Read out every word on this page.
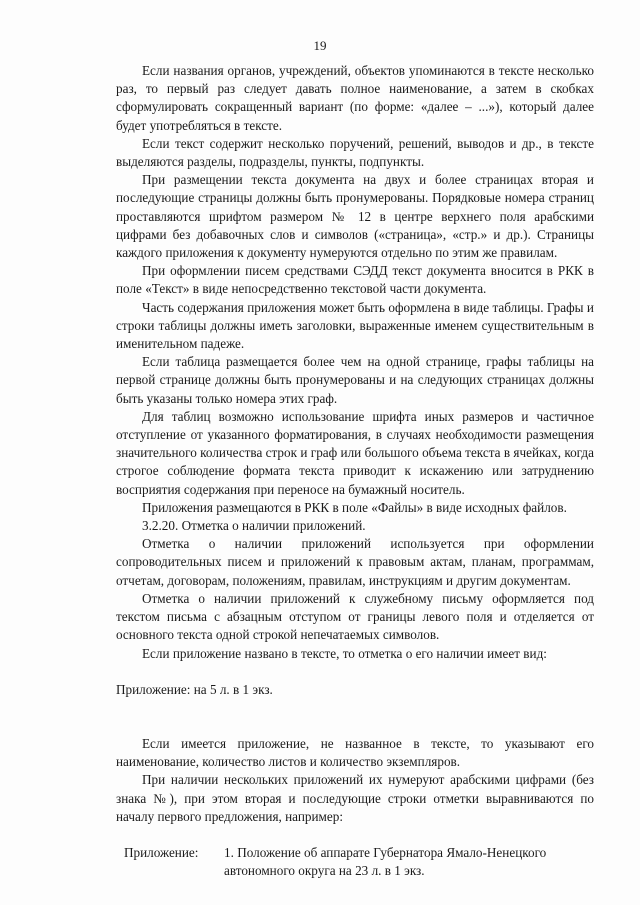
19

Если названия органов, учреждений, объектов упоминаются в тексте несколько раз, то первый раз следует давать полное наименование, а затем в скобках сформулировать сокращенный вариант (по форме: «далее – ...»), который далее будет употребляться в тексте.

Если текст содержит несколько поручений, решений, выводов и др., в тексте выделяются разделы, подразделы, пункты, подпункты.

При размещении текста документа на двух и более страницах вторая и последующие страницы должны быть пронумерованы. Порядковые номера страниц проставляются шрифтом размером № 12 в центре верхнего поля арабскими цифрами без добавочных слов и символов («страница», «стр.» и др.). Страницы каждого приложения к документу нумеруются отдельно по этим же правилам.

При оформлении писем средствами СЭДД текст документа вносится в РКК в поле «Текст» в виде непосредственно текстовой части документа.

Часть содержания приложения может быть оформлена в виде таблицы. Графы и строки таблицы должны иметь заголовки, выраженные именем существительным в именительном падеже.

Если таблица размещается более чем на одной странице, графы таблицы на первой странице должны быть пронумерованы и на следующих страницах должны быть указаны только номера этих граф.

Для таблиц возможно использование шрифта иных размеров и частичное отступление от указанного форматирования, в случаях необходимости размещения значительного количества строк и граф или большого объема текста в ячейках, когда строгое соблюдение формата текста приводит к искажению или затруднению восприятия содержания при переносе на бумажный носитель.

Приложения размещаются в РКК в поле «Файлы» в виде исходных файлов.

3.2.20. Отметка о наличии приложений.

Отметка о наличии приложений используется при оформлении сопроводительных писем и приложений к правовым актам, планам, программам, отчетам, договорам, положениям, правилам, инструкциям и другим документам.

Отметка о наличии приложений к служебному письму оформляется под текстом письма с абзацным отступом от границы левого поля и отделяется от основного текста одной строкой непечатаемых символов.

Если приложение названо в тексте, то отметка о его наличии имеет вид:

Приложение: на 5 л. в 1 экз.

Если имеется приложение, не названное в тексте, то указывают его наименование, количество листов и количество экземпляров.

При наличии нескольких приложений их нумеруют арабскими цифрами (без знака №), при этом вторая и последующие строки отметки выравниваются по началу первого предложения, например:

Приложение:	1. Положение об аппарате Губернатора Ямало-Ненецкого
автономного округа на 23 л. в 1 экз.
